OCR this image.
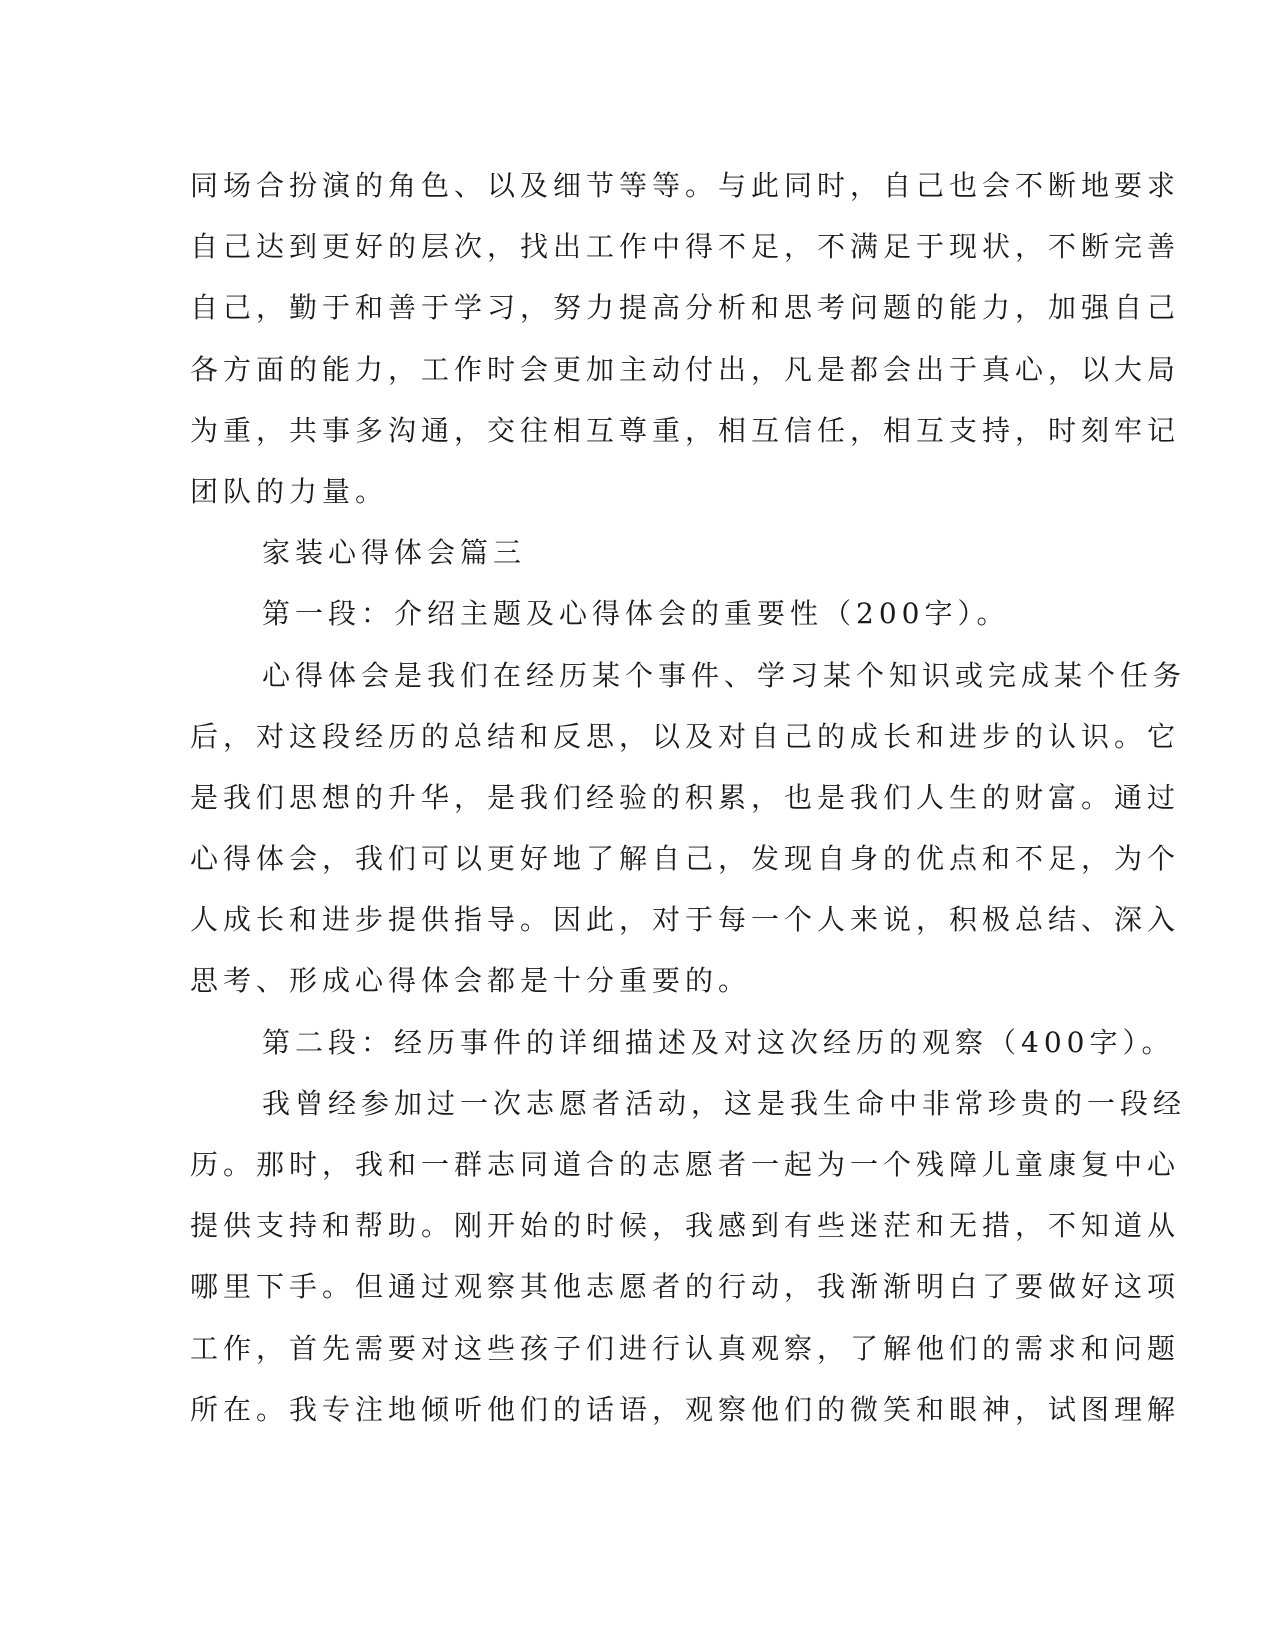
同场合扮演的角色、以及细节等等。与此同时，自己也会不断地要求
自己达到更好的层次，找出工作中得不足，不满足于现状，不断完善
自己，勤于和善于学习，努力提高分析和思考问题的能力，加强自己
各方面的能力，工作时会更加主动付出，凡是都会出于真心，以大局
为重，共事多沟通，交往相互尊重，相互信任，相互支持，时刻牢记
团队的力量。
家装心得体会篇三
第一段：介绍主题及心得体会的重要性（200字）。
心得体会是我们在经历某个事件、学习某个知识或完成某个任务
后，对这段经历的总结和反思，以及对自己的成长和进步的认识。它
是我们思想的升华，是我们经验的积累，也是我们人生的财富。通过
心得体会，我们可以更好地了解自己，发现自身的优点和不足，为个
人成长和进步提供指导。因此，对于每一个人来说，积极总结、深入
思考、形成心得体会都是十分重要的。
第二段：经历事件的详细描述及对这次经历的观察（400字）。
我曾经参加过一次志愿者活动，这是我生命中非常珍贵的一段经
历。那时，我和一群志同道合的志愿者一起为一个残障儿童康复中心
提供支持和帮助。刚开始的时候，我感到有些迷茫和无措，不知道从
哪里下手。但通过观察其他志愿者的行动，我渐渐明白了要做好这项
工作，首先需要对这些孩子们进行认真观察，了解他们的需求和问题
所在。我专注地倾听他们的话语，观察他们的微笑和眼神，试图理解
